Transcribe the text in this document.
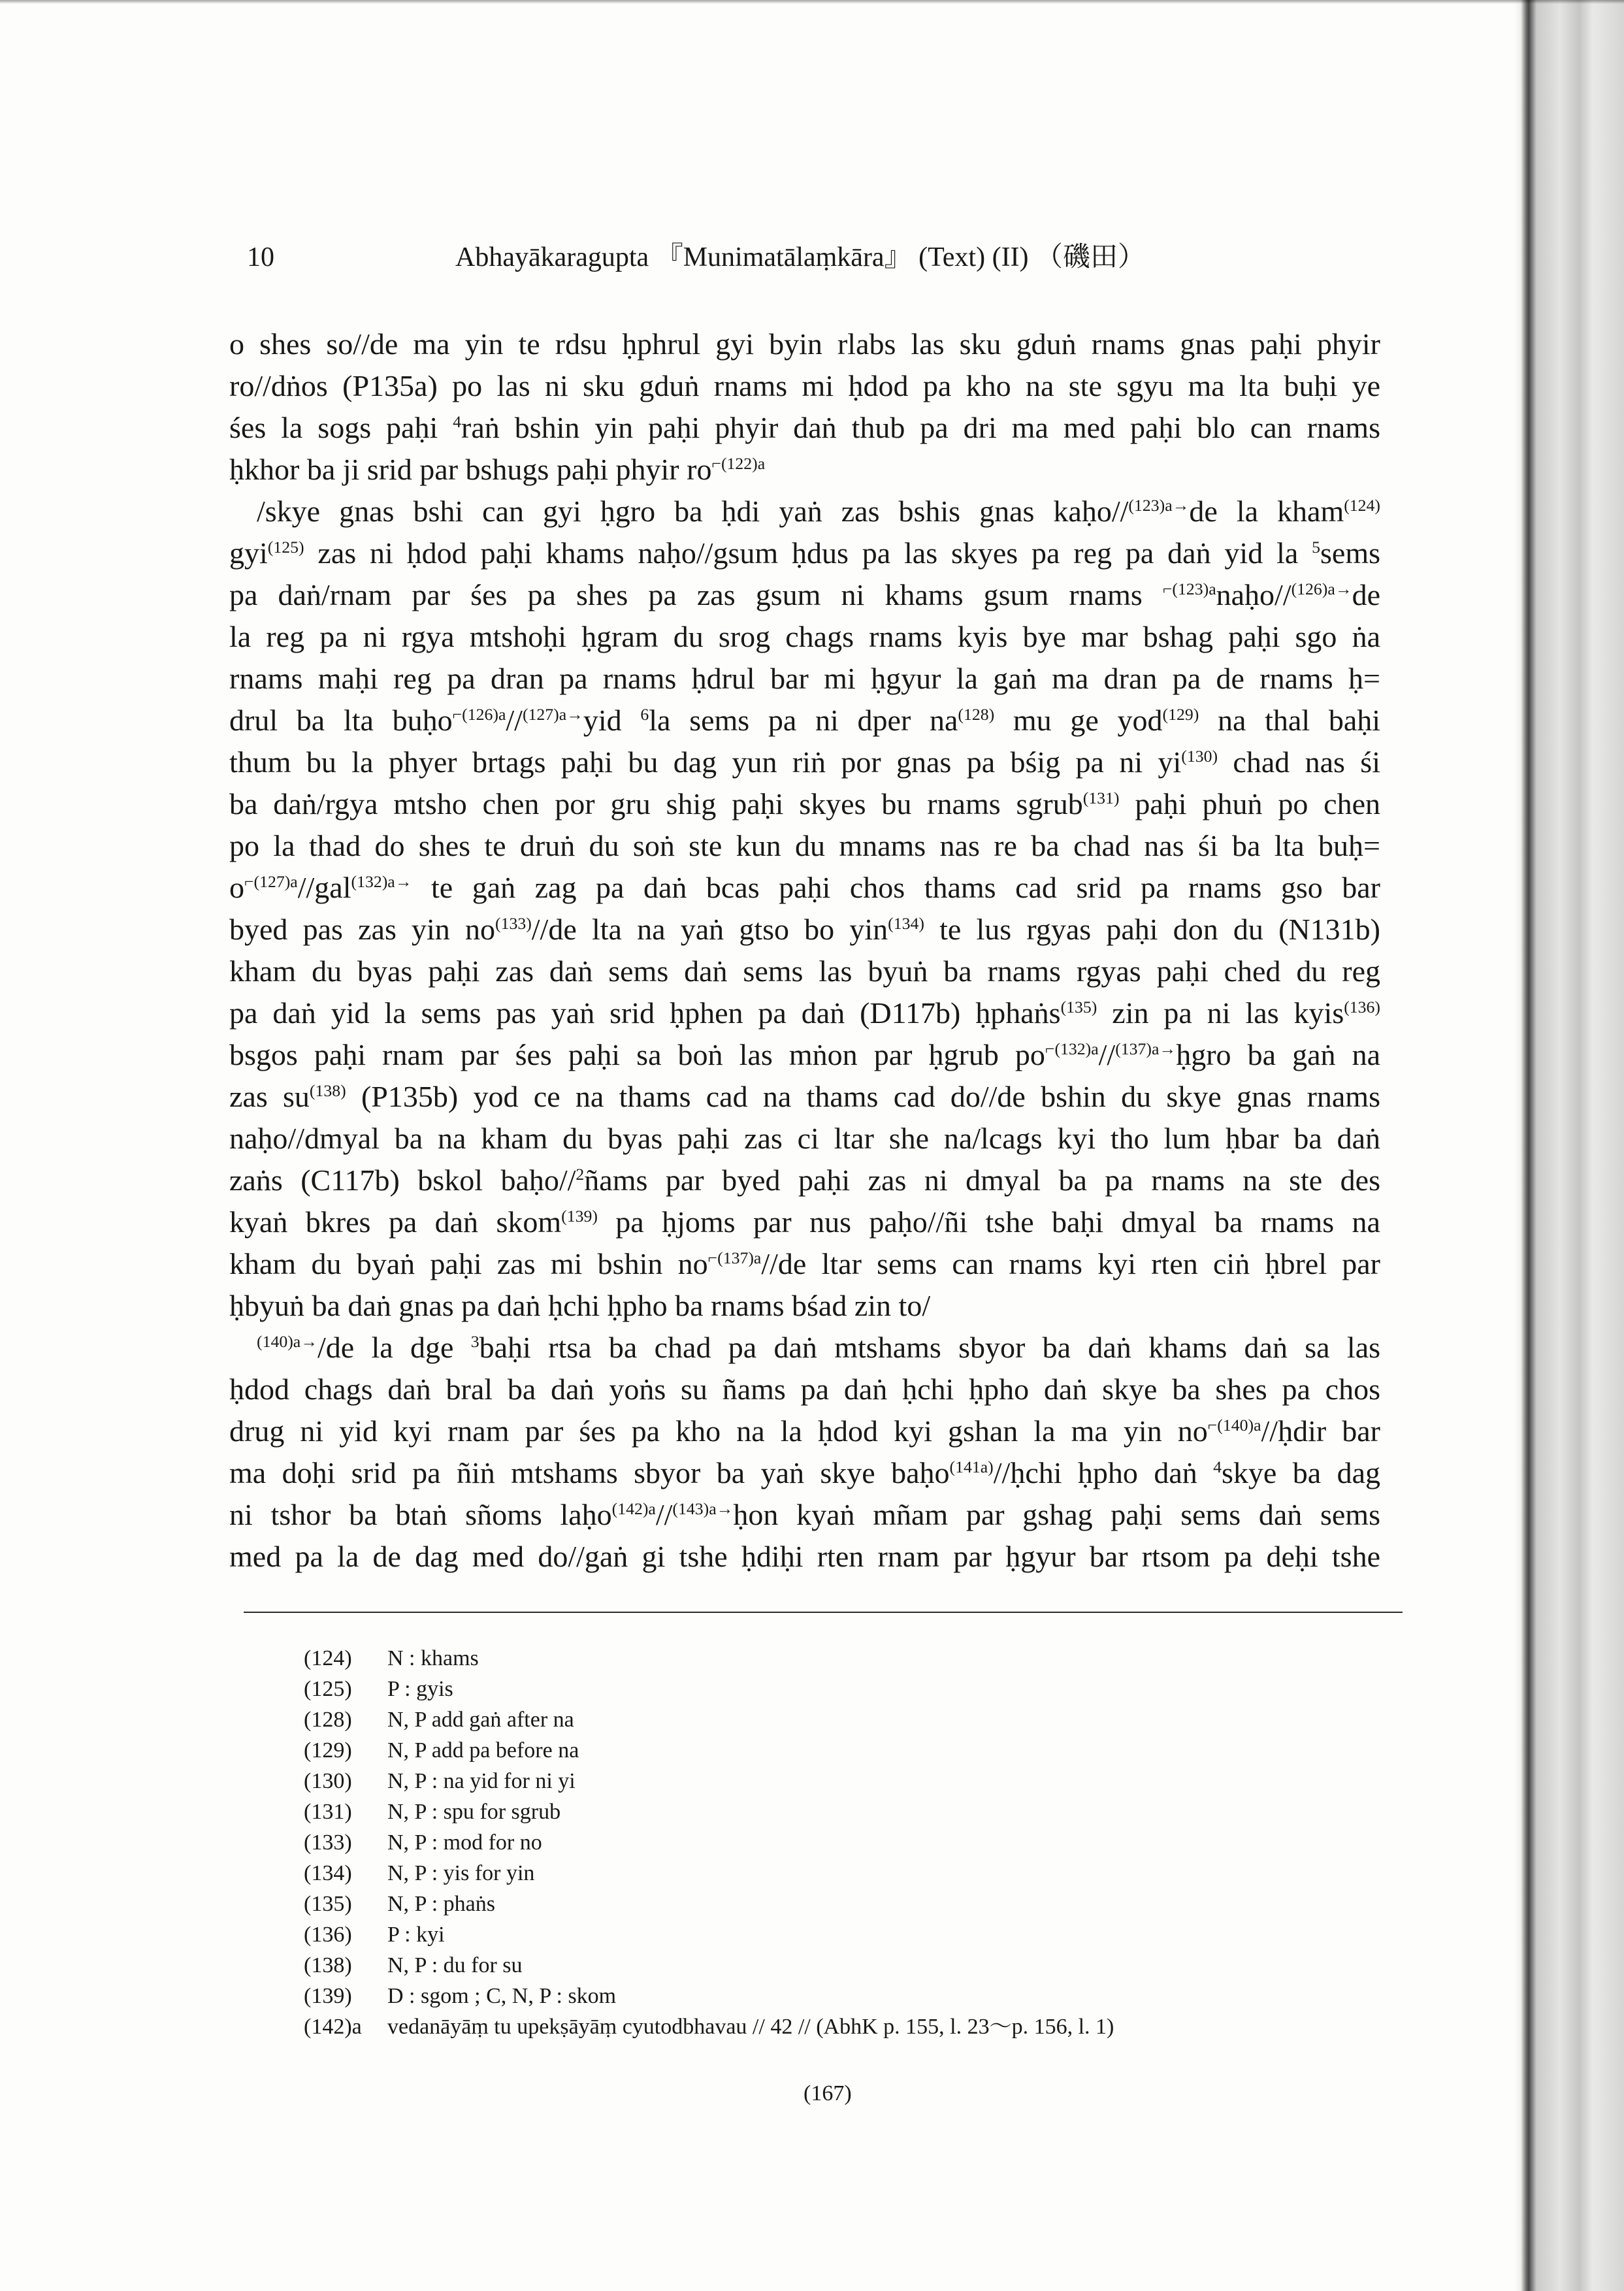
10	Abhayākaragupta 『Munimatālaṃkāra』 (Text) (II) （磯田）
o shes so//de ma yin te rdsu ḥphrul gyi byin rlabs las sku gduṅ rnams gnas paḥi phyir
ro//dṅos (P135a) po las ni sku gduṅ rnams mi ḥdod pa kho na ste sgyu ma lta buḥi ye
śes la sogs paḥi $^4$raṅ bshin yin paḥi phyir daṅ thub pa dri ma med paḥi blo can rnams
ḥkhor ba ji srid par bshugs paḥi phyir $ro^{⌐(122)a}$
/skye gnas bshi can gyi ḥgro ba ḥdi yaṅ zas bshis gnas kaḥo//$^{(123)a\to}$de la kham$^{(124)}$
gyi$^{(125)}$ zas ni ḥdod paḥi khams naḥo//gsum ḥdus pa las skyes pa reg pa daṅ yid la $^5$sems
pa daṅ/rnam par śes pa shes pa zas gsum ni khams gsum rnams $^{⌐(123)a}$naḥo//$^{(126)a\to}$de
la reg pa ni rgya mtshoḥi ḥgram du srog chags rnams kyis bye mar bshag paḥi sgo ṅa
rnams maḥi reg pa dran pa rnams ḥdrul bar mi ḥgyur la gaṅ ma dran pa de rnams ḥ=
drul ba lta buḥo$^{⌐(126)a}$//$^{(127)a\to}$yid $^6$la sems pa ni dper $na^{(128)}$ mu ge yod$^{(129)}$ na thal baḥi
thum bu la phyer brtags paḥi bu dag yun riṅ por gnas pa bśig pa ni $yi^{(130)}$ chad nas śi
ba daṅ/rgya mtsho chen por gru shig paḥi skyes bu rnams sgrub$^{(131)}$ paḥi phuṅ po chen
po la thad do shes te druṅ du soṅ ste kun du mnams nas re ba chad nas śi ba lta buḥ=
$o^{⌐(127)a}//gal^{(132)a\to}$ te gaṅ zag pa daṅ bcas paḥi chos thams cad srid pa rnams gso bar
byed pas zas yin $no^{(133)}//de$ lta na yaṅ gtso bo yin$^{(134)}$ te lus rgyas paḥi don du (N131b)
kham du byas paḥi zas daṅ sems daṅ sems las byuṅ ba rnams rgyas paḥi ched du reg
pa daṅ yid la sems pas yaṅ srid ḥphen pa daṅ (D117b) ḥphaṅs$^{(135)}$ zin pa ni las kyis$^{(136)}$
bsgos paḥi rnam par śes paḥi sa boṅ las mṅon par ḥgrub $po^{⌐(132)a}//^{(137)a\to}ḥgro$ ba gaṅ na
zas $su^{(138)}$ (P135b) yod ce na thams cad na thams cad do//de bshin du skye gnas rnams
naḥo//dmyal ba na kham du byas paḥi zas ci ltar she na/lcags kyi tho lum ḥbar ba daṅ
zaṅs (C117b) bskol baḥo//$^2$ñams par byed paḥi zas ni dmyal ba pa rnams na ste des
kyaṅ bkres pa daṅ skom$^{(139)}$ pa ḥjoms par nus paḥo//ñi tshe baḥi dmyal ba rnams na
kham du byaṅ paḥi zas mi bshin $no^{⌐(137)a}//de$ ltar sems can rnams kyi rten ciṅ ḥbrel par
ḥbyuṅ ba daṅ gnas pa daṅ ḥchi ḥpho ba rnams bśad zin to/
$^{(140)a\to}$/de la dge $^3$baḥi rtsa ba chad pa daṅ mtshams sbyor ba daṅ khams daṅ sa las
ḥdod chags daṅ bral ba daṅ yoṅs su ñams pa daṅ ḥchi ḥpho daṅ skye ba shes pa chos
drug ni yid kyi rnam par śes pa kho na la ḥdod kyi gshan la ma yin $no^{⌐(140)a}/$/ḥdir bar
ma doḥi srid pa ñiṅ mtshams sbyor ba yaṅ skye baḥo$^{(141a)}$//ḥchi ḥpho daṅ $^4$skye ba dag
ni tshor ba btaṅ sñoms laḥo$^{(142)a}$//$^{(143)a\to}$ḥon kyaṅ mñam par gshag paḥi sems daṅ sems
med pa la de dag med do//gaṅ gi tshe ḥdiḥi rten rnam par ḥgyur bar rtsom pa deḥi tshe
(124) N : khams
(125) P : gyis
(128) N, P add gaṅ after na
(129) N, P add pa before na
(130) N, P : na yid for ni yi
(131) N, P : spu for sgrub
(133) N, P : mod for no
(134) N, P : yis for yin
(135) N, P : phaṅs
(136) P : kyi
(138) N, P : du for su
(139) D : sgom ; C, N, P : skom
(142)a vedanāyāṃ tu upekṣāyāṃ cyutodbhavau // 42 // (AbhK p. 155, l. 23～p. 156, l. 1)
(167)
